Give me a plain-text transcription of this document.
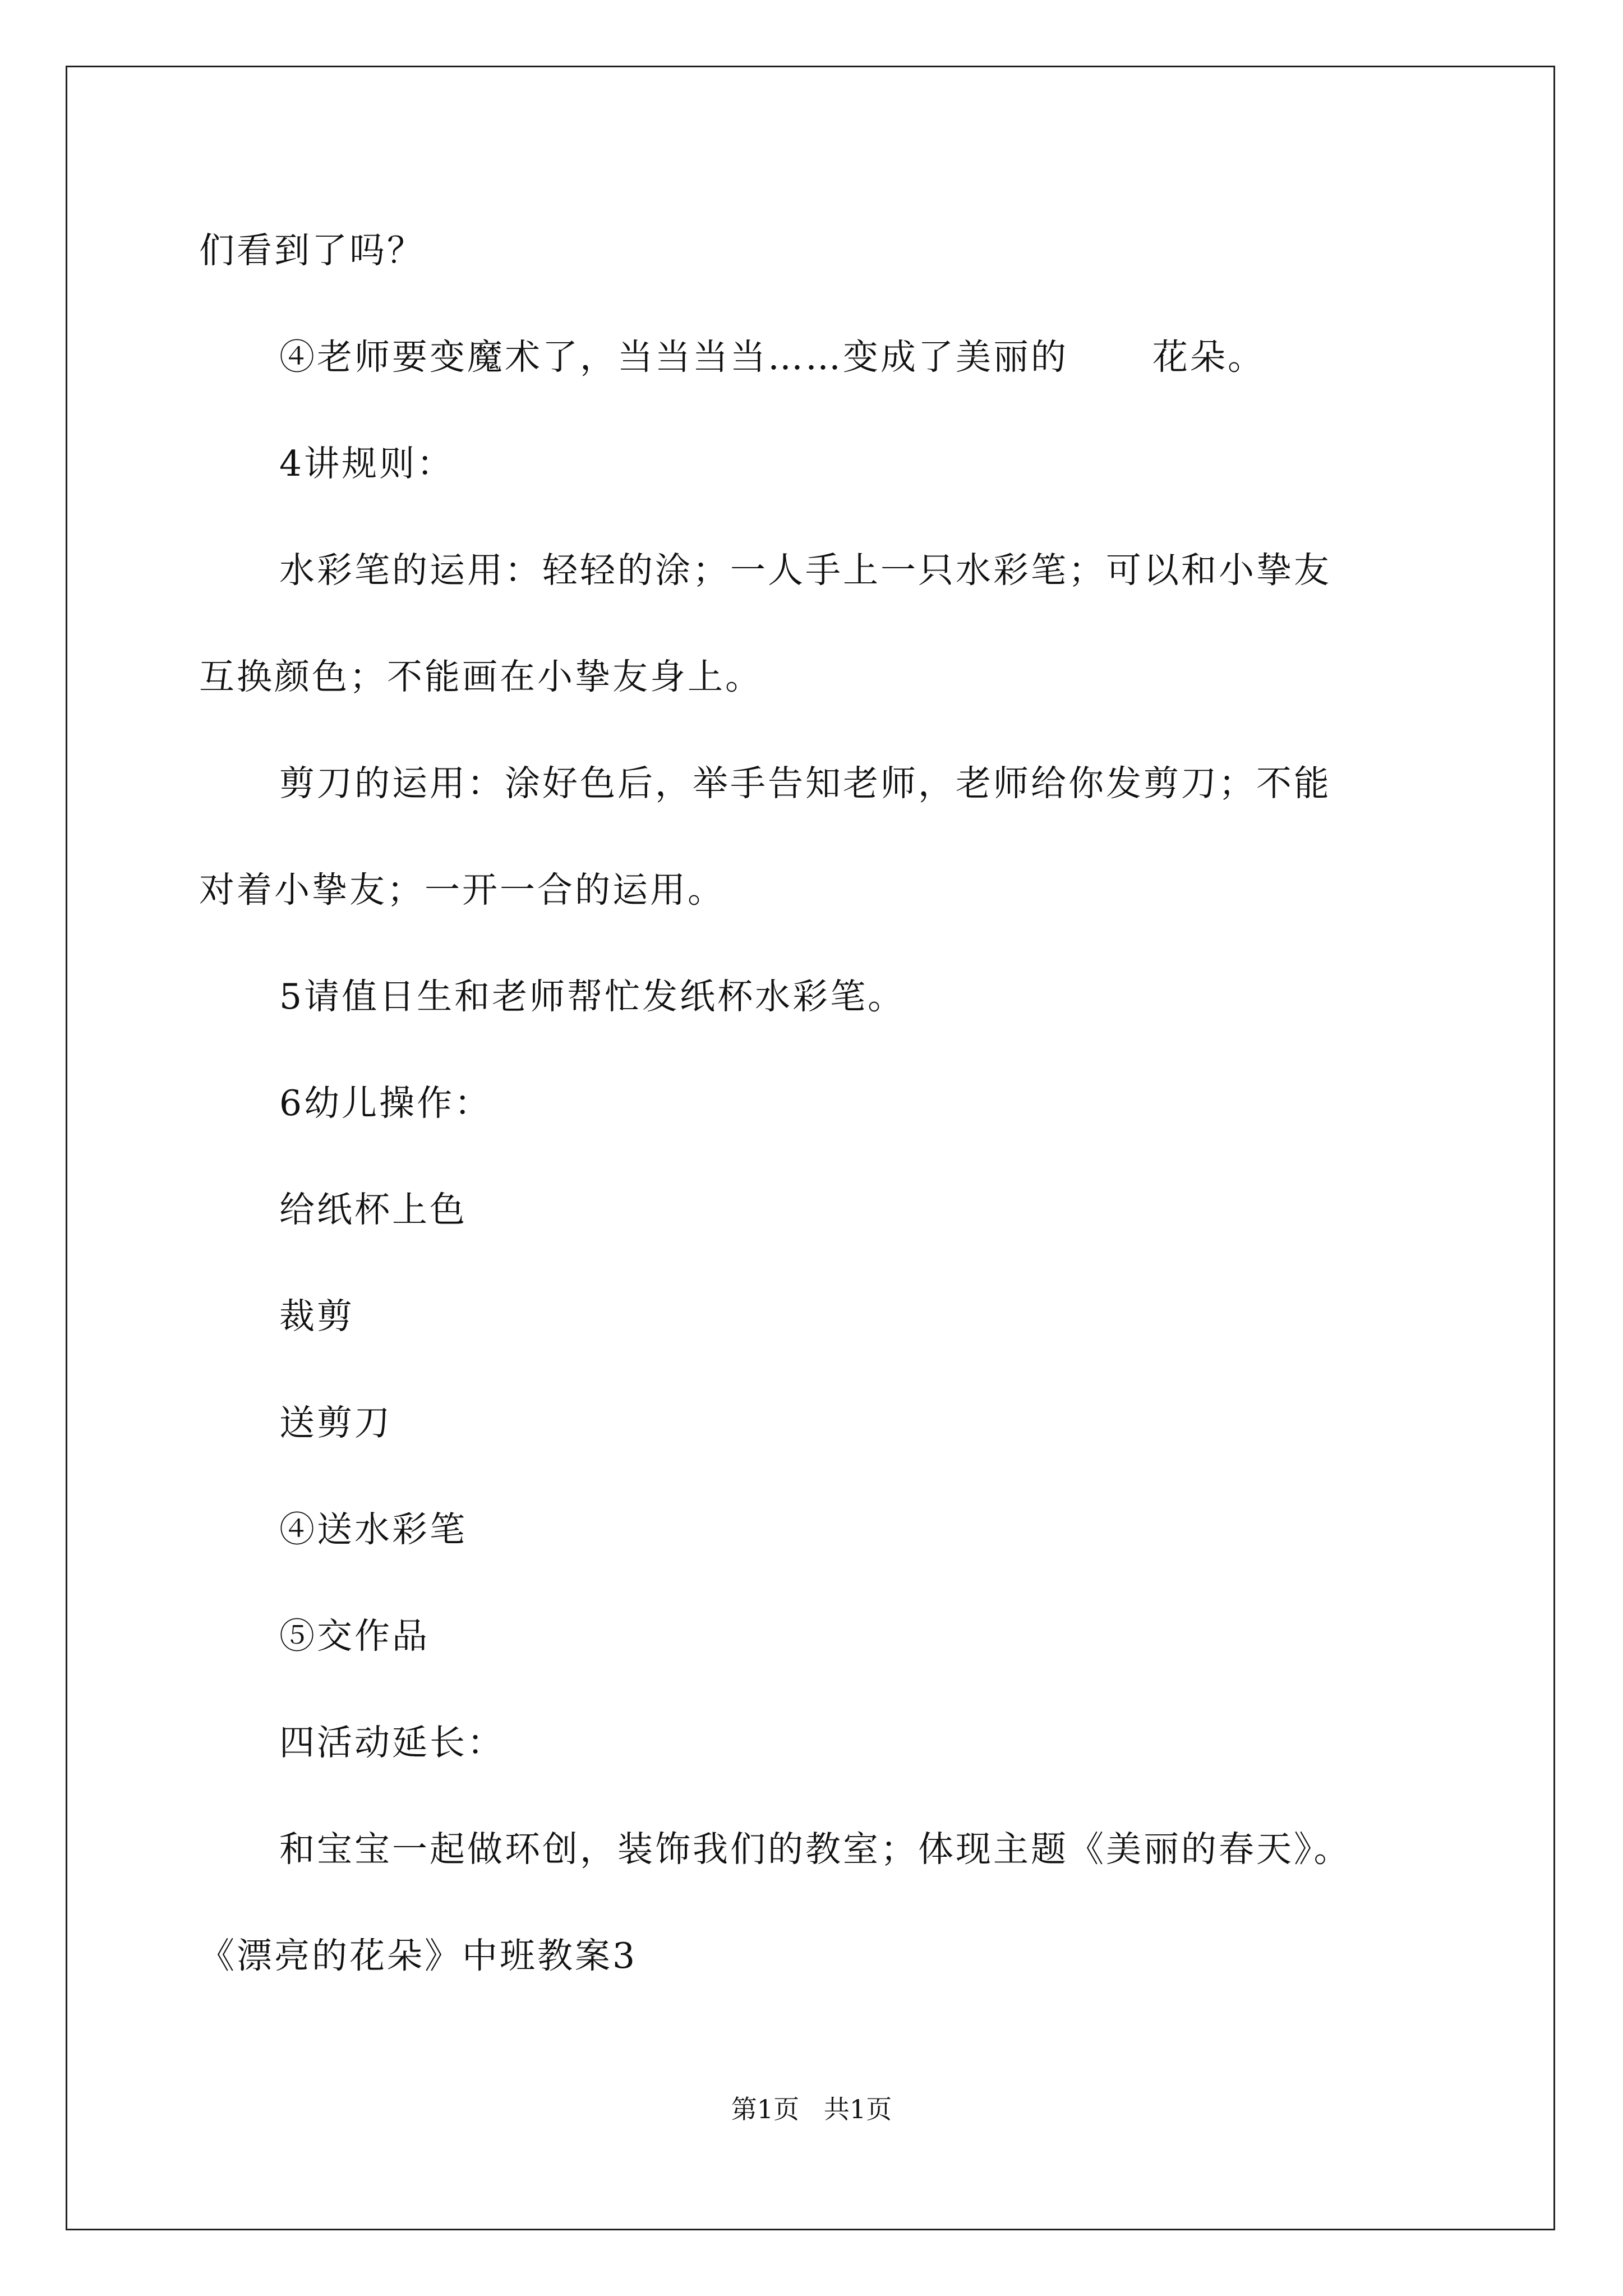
们看到了吗？
④老师要变魔术了，当当当当……变成了美丽的 花朵。
4讲规则：
水彩笔的运用：轻轻的涂；一人手上一只水彩笔；可以和小挚友
互换颜色；不能画在小挚友身上。
剪刀的运用：涂好色后，举手告知老师，老师给你发剪刀；不能
对着小挚友；一开一合的运用。
5请值日生和老师帮忙发纸杯水彩笔。
6幼儿操作：
给纸杯上色
裁剪
送剪刀
④送水彩笔
⑤交作品
四活动延长：
和宝宝一起做环创，装饰我们的教室；体现主题《美丽的春天》。
《漂亮的花朵》中班教案3
第1页   共1页
